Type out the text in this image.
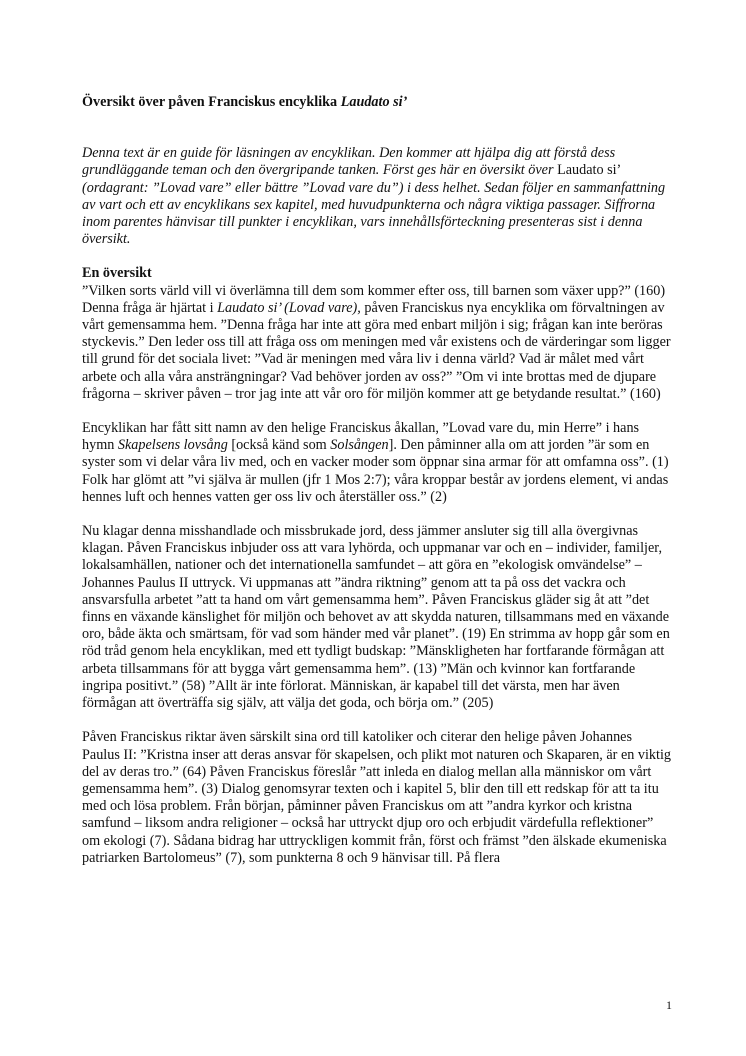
Översikt över påven Franciskus encyklika Laudato si’

Denna text är en guide för läsningen av encyklikan. Den kommer att hjälpa dig att förstå dess grundläggande teman och den övergripande tanken. Först ges här en översikt över Laudato si’ (ordagrant: ”Lovad vare” eller bättre ”Lovad vare du”) i dess helhet. Sedan följer en sammanfattning av vart och ett av encyklikans sex kapitel, med huvudpunkterna och några viktiga passager. Siffrorna inom parentes hänvisar till punkter i encyklikan, vars innehållsförteckning presenteras sist i denna översikt.

En översikt

”Vilken sorts värld vill vi överlämna till dem som kommer efter oss, till barnen som växer upp?” (160) Denna fråga är hjärtat i Laudato si’ (Lovad vare), påven Franciskus nya encyklika om förvaltningen av vårt gemensamma hem. ”Denna fråga har inte att göra med enbart miljön i sig; frågan kan inte beröras styckevis.” Den leder oss till att fråga oss om meningen med vår existens och de värderingar som ligger till grund för det sociala livet: ”Vad är meningen med våra liv i denna värld? Vad är målet med vårt arbete och alla våra ansträngningar? Vad behöver jorden av oss?” ”Om vi inte brottas med de djupare frågorna – skriver påven – tror jag inte att vår oro för miljön kommer att ge betydande resultat.” (160)

Encyklikan har fått sitt namn av den helige Franciskus åkallan, ”Lovad vare du, min Herre” i hans hymn Skapelsens lovsång [också känd som Solsången]. Den påminner alla om att jorden ”är som en syster som vi delar våra liv med, och en vacker moder som öppnar sina armar för att omfamna oss”. (1) Folk har glömt att ”vi själva är mullen (jfr 1 Mos 2:7); våra kroppar består av jordens element, vi andas hennes luft och hennes vatten ger oss liv och återställer oss.” (2)

Nu klagar denna misshandlade och missbrukade jord, dess jämmer ansluter sig till alla övergivnas klagan. Påven Franciskus inbjuder oss att vara lyhörda, och uppmanar var och en – individer, familjer, lokalsamhällen, nationer och det internationella samfundet – att göra en ”ekologisk omvändelse” – Johannes Paulus II uttryck. Vi uppmanas att ”ändra riktning” genom att ta på oss det vackra och ansvarsfulla arbetet ”att ta hand om vårt gemensamma hem”. Påven Franciskus gläder sig åt att ”det finns en växande känslighet för miljön och behovet av att skydda naturen, tillsammans med en växande oro, både äkta och smärtsam, för vad som händer med vår planet”. (19) En strimma av hopp går som en röd tråd genom hela encyklikan, med ett tydligt budskap: ”Mänskligheten har fortfarande förmågan att arbeta tillsammans för att bygga vårt gemensamma hem”. (13) ”Män och kvinnor kan fortfarande ingripa positivt.” (58) ”Allt är inte förlorat. Människan, är kapabel till det värsta, men har även förmågan att överträffa sig själv, att välja det goda, och börja om.” (205)

Påven Franciskus riktar även särskilt sina ord till katoliker och citerar den helige påven Johannes Paulus II: ”Kristna inser att deras ansvar för skapelsen, och plikt mot naturen och Skaparen, är en viktig del av deras tro.” (64) Påven Franciskus föreslår ”att inleda en dialog mellan alla människor om vårt gemensamma hem”. (3) Dialog genomsyrar texten och i kapitel 5, blir den till ett redskap för att ta itu med och lösa problem. Från början, påminner påven Franciskus om att ”andra kyrkor och kristna samfund – liksom andra religioner – också har uttryckt djup oro och erbjudit värdefulla reflektioner” om ekologi (7). Sådana bidrag har uttryckligen kommit från, först och främst ”den älskade ekumeniska patriarken Bartolomeus” (7), som punkterna 8 och 9 hänvisar till. På flera

1
